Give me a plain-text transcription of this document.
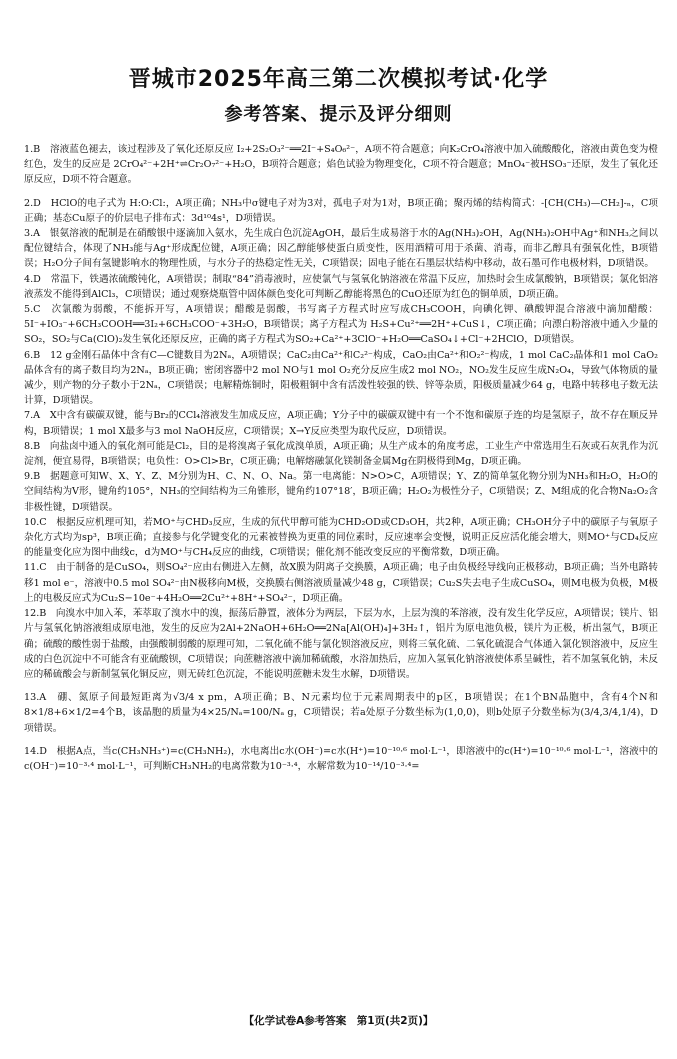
晋城市2025年高三第二次模拟考试·化学
参考答案、提示及评分细则

1.B　溶液蓝色褪去，该过程涉及了氧化还原反应 I₂+2S₂O₃²⁻══2I⁻+S₄O₆²⁻，A项不符合题意；向K₂CrO₄溶液中加入硫酸酸化，溶液由黄色变为橙红色，发生的反应是 2CrO₄²⁻+2H⁺⇌Cr₂O₇²⁻+H₂O，B项符合题意；焰色试验为物理变化，C项不符合题意；MnO₄⁻被HSO₃⁻还原，发生了氧化还原反应，D项不符合题意。

2.D　HClO的电子式为 H:O:Cl:，A项正确；NH₃中σ键电子对为3对，孤电子对为1对，B项正确；聚丙烯的结构简式：-[CH(CH₃)—CH₂]-ₙ，C项正确；基态Cu原子的价层电子排布式：3d¹⁰4s¹，D项错误。

3.A　银氨溶液的配制是在硝酸银中逐滴加入氨水，先生成白色沉淀AgOH，最后生成易溶于水的Ag(NH₃)₂OH，Ag(NH₃)₂OH中Ag⁺和NH₃之间以配位键结合，体现了NH₃能与Ag⁺形成配位键，A项正确；因乙醇能够使蛋白质变性，医用酒精可用于杀菌、消毒，而非乙醇具有强氧化性，B项错误；H₂O分子间有氢键影响水的物理性质，与水分子的热稳定性无关，C项错误；固电子能在石墨层状结构中移动，故石墨可作电极材料，D项错误。

4.D　常温下，铁遇浓硫酸钝化，A项错误；制取“84”消毒液时，应使氯气与氢氧化钠溶液在常温下反应，加热时会生成氯酸钠，B项错误；氯化铝溶液蒸发不能得到AlCl₃，C项错误；通过观察烧瓶管中固体颜色变化可判断乙醇能将黑色的CuO还原为红色的铜单质，D项正确。

5.C　次氯酸为弱酸，不能拆开写，A项错误；醋酸是弱酸，书写离子方程式时应写成CH₃COOH，向碘化钾、碘酸钾混合溶液中滴加醋酸：5I⁻+IO₃⁻+6CH₃COOH══3I₂+6CH₃COO⁻+3H₂O，B项错误；离子方程式为 H₂S+Cu²⁺══2H⁺+CuS↓，C项正确；向漂白粉溶液中通入少量的SO₂，SO₂与Ca(ClO)₂发生氧化还原反应，正确的离子方程式为SO₂+Ca²⁺+3ClO⁻+H₂O══CaSO₄↓+Cl⁻+2HClO，D项错误。

6.B　12 g金刚石晶体中含有C—C键数目为2Nₐ，A项错误；CaC₂由Ca²⁺和C₂²⁻构成，CaO₂由Ca²⁺和O₂²⁻构成，1 mol CaC₂晶体和1 mol CaO₂晶体含有的离子数目均为2Nₐ，B项正确；密闭容器中2 mol NO与1 mol O₂充分反应生成2 mol NO₂，NO₂发生反应生成N₂O₄，导致气体物质的量减少，则产物的分子数小于2Nₐ，C项错误；电解精炼铜时，阳极粗铜中含有活泼性较强的铁、锌等杂质，阳极质量减少64 g，电路中转移电子数无法计算，D项错误。

7.A　X中含有碳碳双键，能与Br₂的CCl₄溶液发生加成反应，A项正确；Y分子中的碳碳双键中有一个不饱和碳原子连的均是氢原子，故不存在顺反异构，B项错误；1 mol X最多与3 mol NaOH反应，C项错误；X→Y反应类型为取代反应，D项错误。

8.B　向盐卤中通入的氧化剂可能是Cl₂，目的是将溴离子氧化成溴单质，A项正确；从生产成本的角度考虑，工业生产中常选用生石灰或石灰乳作为沉淀剂，便宜易得，B项错误；电负性：O>Cl>Br，C项正确；电解熔融氯化镁制备金属Mg在阴极得到Mg，D项正确。

9.B　据题意可知W、X、Y、Z、M分别为H、C、N、O、Na。第一电离能：N>O>C，A项错误；Y、Z的简单氢化物分别为NH₃和H₂O，H₂O的空间结构为V形，键角约105°，NH₃的空间结构为三角锥形，键角约107°18′，B项正确；H₂O₂为极性分子，C项错误；Z、M组成的化合物Na₂O₂含非极性键，D项错误。

10.C　根据反应机理可知，若MO⁺与CHD₃反应，生成的氘代甲醇可能为CHD₂OD或CD₃OH，共2种，A项正确；CH₃OH分子中的碳原子与氧原子杂化方式均为sp³，B项正确；直接参与化学键变化的元素被替换为更重的同位素时，反应速率会变慢，说明正反应活化能会增大，则MO⁺与CD₄反应的能量变化应为图中曲线c，d为MO⁺与CH₄反应的曲线，C项错误；催化剂不能改变反应的平衡常数，D项正确。

11.C　由于制备的是CuSO₄，则SO₄²⁻应由右侧进入左侧，故X膜为阴离子交换膜，A项正确；电子由负极经导线向正极移动，B项正确；当外电路转移1 mol e⁻，溶液中0.5 mol SO₄²⁻由N极移向M极，交换膜右侧溶液质量减少48 g，C项错误；Cu₂S失去电子生成CuSO₄，则M电极为负极，M极上的电极反应式为Cu₂S−10e⁻+4H₂O══2Cu²⁺+8H⁺+SO₄²⁻，D项正确。

12.B　向溴水中加入苯，苯萃取了溴水中的溴，振荡后静置，液体分为两层，下层为水，上层为溴的苯溶液，没有发生化学反应，A项错误；镁片、铝片与氢氧化钠溶液组成原电池，发生的反应为2Al+2NaOH+6H₂O══2Na[Al(OH)₄]+3H₂↑，铝片为原电池负极，镁片为正极，析出氢气，B项正确；硫酸的酸性弱于盐酸，由强酸制弱酸的原理可知，二氧化硫不能与氯化钡溶液反应，则将三氧化硫、二氧化硫混合气体通入氯化钡溶液中，反应生成的白色沉淀中不可能含有亚硫酸钡，C项错误；向蔗糖溶液中滴加稀硫酸，水浴加热后，应加入氢氧化钠溶液使体系呈碱性，若不加氢氧化钠，未反应的稀硫酸会与新制氢氧化铜反应，则无砖红色沉淀，不能说明蔗糖未发生水解，D项错误。

13.A　硼、氮原子间最短距离为√3/4 x pm，A项正确；B、N元素均位于元素周期表中的p区，B项错误；在1个BN晶胞中，含有4个N和8×1/8+6×1/2=4个B，该晶胞的质量为4×25/Nₐ=100/Nₐ g，C项错误；若a处原子分数坐标为(1,0,0)，则b处原子分数坐标为(3/4,3/4,1/4)，D项错误。

14.D　根据A点，当c(CH₃NH₃⁺)=c(CH₃NH₂)，水电离出c水(OH⁻)=c水(H⁺)=10⁻¹⁰·⁶ mol·L⁻¹，即溶液中的c(H⁺)=10⁻¹⁰·⁶ mol·L⁻¹，溶液中的c(OH⁻)=10⁻³·⁴ mol·L⁻¹，可判断CH₃NH₂的电离常数为10⁻³·⁴，水解常数为10⁻¹⁴/10⁻³·⁴=

【化学试卷A参考答案　第1页(共2页)】
